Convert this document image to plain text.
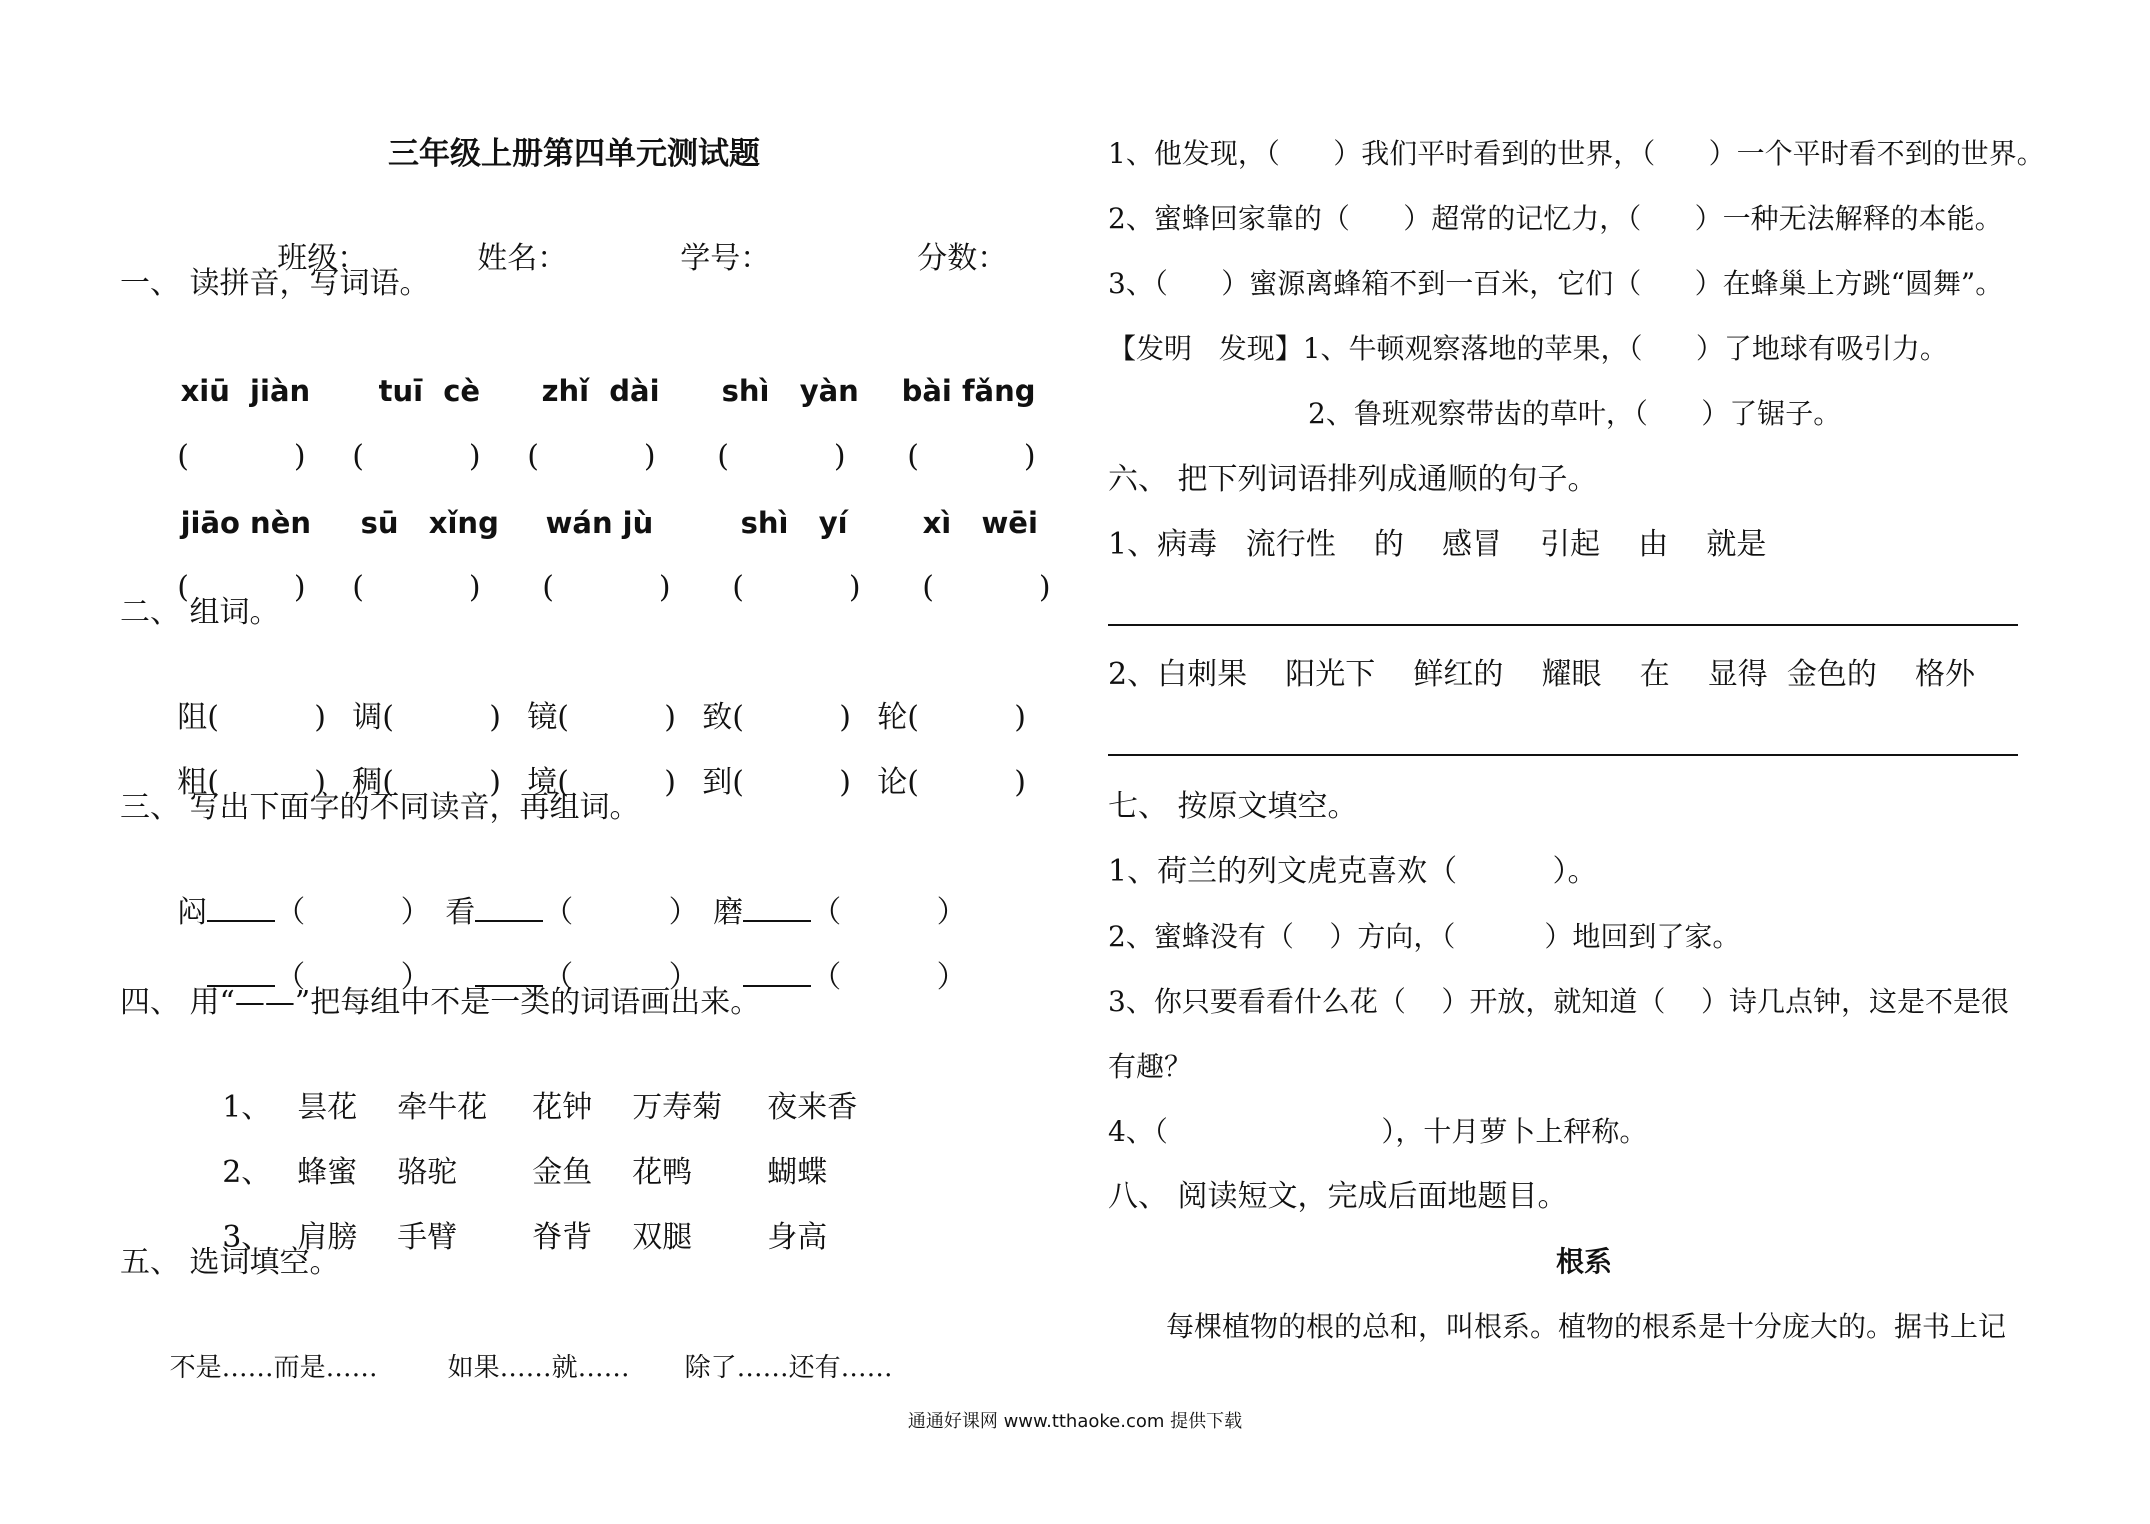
三年级上册第四单元测试题

班级：	姓名：	学号：	分数：

一、 读拼音，写词语。

xiū  jiàn tuī  cè zhǐ  dài shì   yàn bài fǎng

(           ) (           ) (           ) (           ) (           )

jiāo nèn sū   xǐng wán jù	shì   yí	xì   wēi

(           ) (           ) (           ) (           ) (           )

二、 组词。

阻(          ) 调(          ) 镜(          ) 致(          ) 轮(          )

粗(          ) 稠(          ) 境(          ) 到(          ) 论(          )

三、 写出下面字的不同读音，再组词。

闷 （          ） 看 （          ） 磨 （          ）

（          ）	（          ）	（          ）

四、 用“——”把每组中不是一类的词语画出来。

1、 昙花 牵牛花 花钟 万寿菊 夜来香

2、 蜂蜜 骆驼	金鱼 花鸭	蝴蝶

3、 肩膀 手臂	脊背 双腿	身高

五、 选词填空。

不是……而是……	如果……就…… 除了……还有……

1、他发现，（      ）我们平时看到的世界，（      ）一个平时看不到的世界。
2、蜜蜂回家靠的（      ）超常的记忆力，（      ）一种无法解释的本能。
3、（      ）蜜源离蜂箱不到一百米，它们（      ）在蜂巢上方跳“圆舞”。
【发明   发现】1、牛顿观察落地的苹果，（      ）了地球有吸引力。
2、鲁班观察带齿的草叶，（      ）了锯子。
六、 把下列词语排列成通顺的句子。
1、病毒   流行性    的    感冒    引起    由    就是
2、白刺果    阳光下    鲜红的    耀眼    在    显得  金色的    格外
七、 按原文填空。
1、荷兰的列文虎克喜欢（          ）。
2、蜜蜂没有（    ）方向，（          ）地回到了家。
3、你只要看看什么花（    ）开放，就知道（    ）诗几点钟，这是不是很
有趣？
4、（                        ），十月萝卜上秤称。
八、 阅读短文，完成后面地题目。
根系
每棵植物的根的总和，叫根系。植物的根系是十分庞大的。据书上记
通通好课网 www.tthaoke.com 提供下载
